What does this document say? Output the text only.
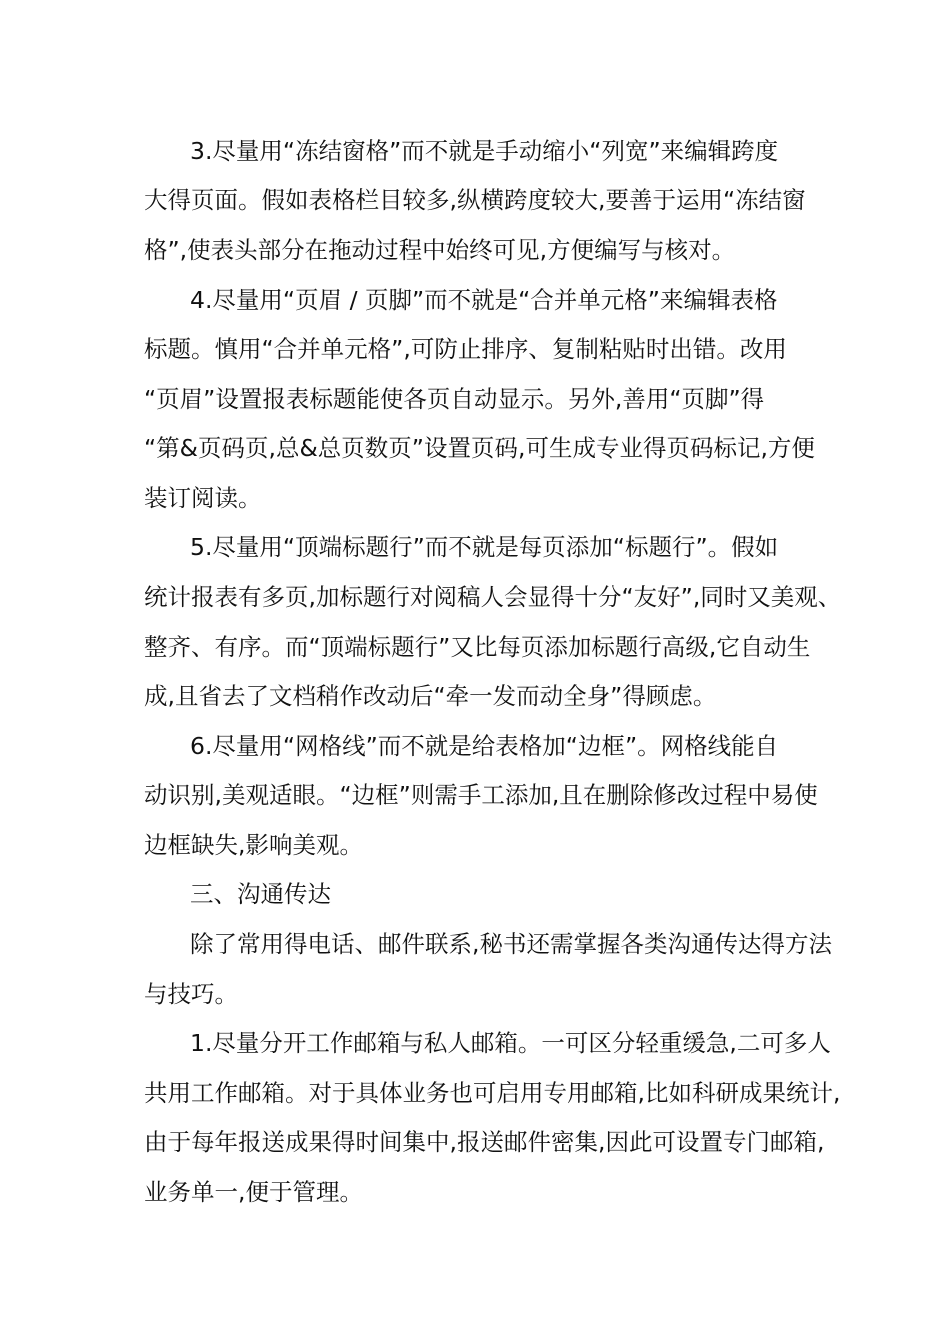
3.尽量用“冻结窗格”而不就是手动缩小“列宽”来编辑跨度
大得页面。假如表格栏目较多,纵横跨度较大,要善于运用“冻结窗
格”,使表头部分在拖动过程中始终可见,方便编写与核对。
4.尽量用“页眉 / 页脚”而不就是“合并单元格”来编辑表格
标题。慎用“合并单元格”,可防止排序、复制粘贴时出错。改用
“页眉”设置报表标题能使各页自动显示。另外,善用“页脚”得
“第&页码页,总&总页数页”设置页码,可生成专业得页码标记,方便
装订阅读。
5.尽量用“顶端标题行”而不就是每页添加“标题行”。假如
统计报表有多页,加标题行对阅稿人会显得十分“友好”,同时又美观、
整齐、有序。而“顶端标题行”又比每页添加标题行高级,它自动生
成,且省去了文档稍作改动后“牵一发而动全身”得顾虑。
6.尽量用“网格线”而不就是给表格加“边框”。网格线能自
动识别,美观适眼。“边框”则需手工添加,且在删除修改过程中易使
边框缺失,影响美观。
三、沟通传达
除了常用得电话、邮件联系,秘书还需掌握各类沟通传达得方法
与技巧。
1.尽量分开工作邮箱与私人邮箱。一可区分轻重缓急,二可多人
共用工作邮箱。对于具体业务也可启用专用邮箱,比如科研成果统计,
由于每年报送成果得时间集中,报送邮件密集,因此可设置专门邮箱,
业务单一,便于管理。
